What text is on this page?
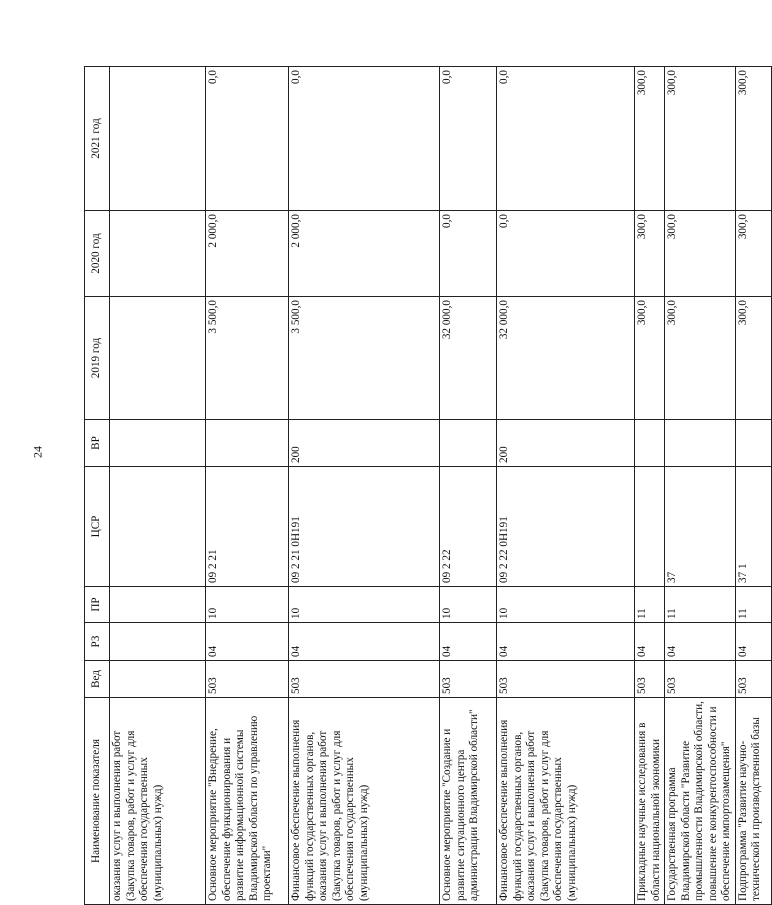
24
Наименование показателя	Вед	РЗ	ПР	ЦСР	ВР	2019 год	2020 год	2021 год
оказания услуг и выполнения работ (Закупка товаров, работ и услуг для обеспечения государственных (муниципальных) нужд)								
Основное мероприятие "Внедрение, обеспечение функционирования и развитие информационной системы Владимирской области по управлению проектами"	503	04	10	09 2 21		3 500,0	2 000,0	0,0
Финансовое обеспечение выполнения функций государственных органов, оказания услуг и выполнения работ (Закупка товаров, работ и услуг для обеспечения государственных (муниципальных) нужд)	503	04	10	09 2 21 0Н191	200	3 500,0	2 000,0	0,0
Основное мероприятие "Создание и развитие ситуационного центра администрации Владимирской области"	503	04	10	09 2 22		32 000,0	0,0	0,0
Финансовое обеспечение выполнения функций государственных органов, оказания услуг и выполнения работ (Закупка товаров, работ и услуг для обеспечения государственных (муниципальных) нужд)	503	04	10	09 2 22 0Н191	200	32 000,0	0,0	0,0
Прикладные научные исследования в области национальной экономики	503	04	11			300,0	300,0	300,0
Государственная программа Владимирской области "Развитие промышленности Владимирской области, повышение ее конкурентоспособности и обеспечение импортозамещения"	503	04	11	37		300,0	300,0	300,0
Подпрограмма "Развитие научно-технической и производственной базы	503	04	11	37 1		300,0	300,0	300,0
